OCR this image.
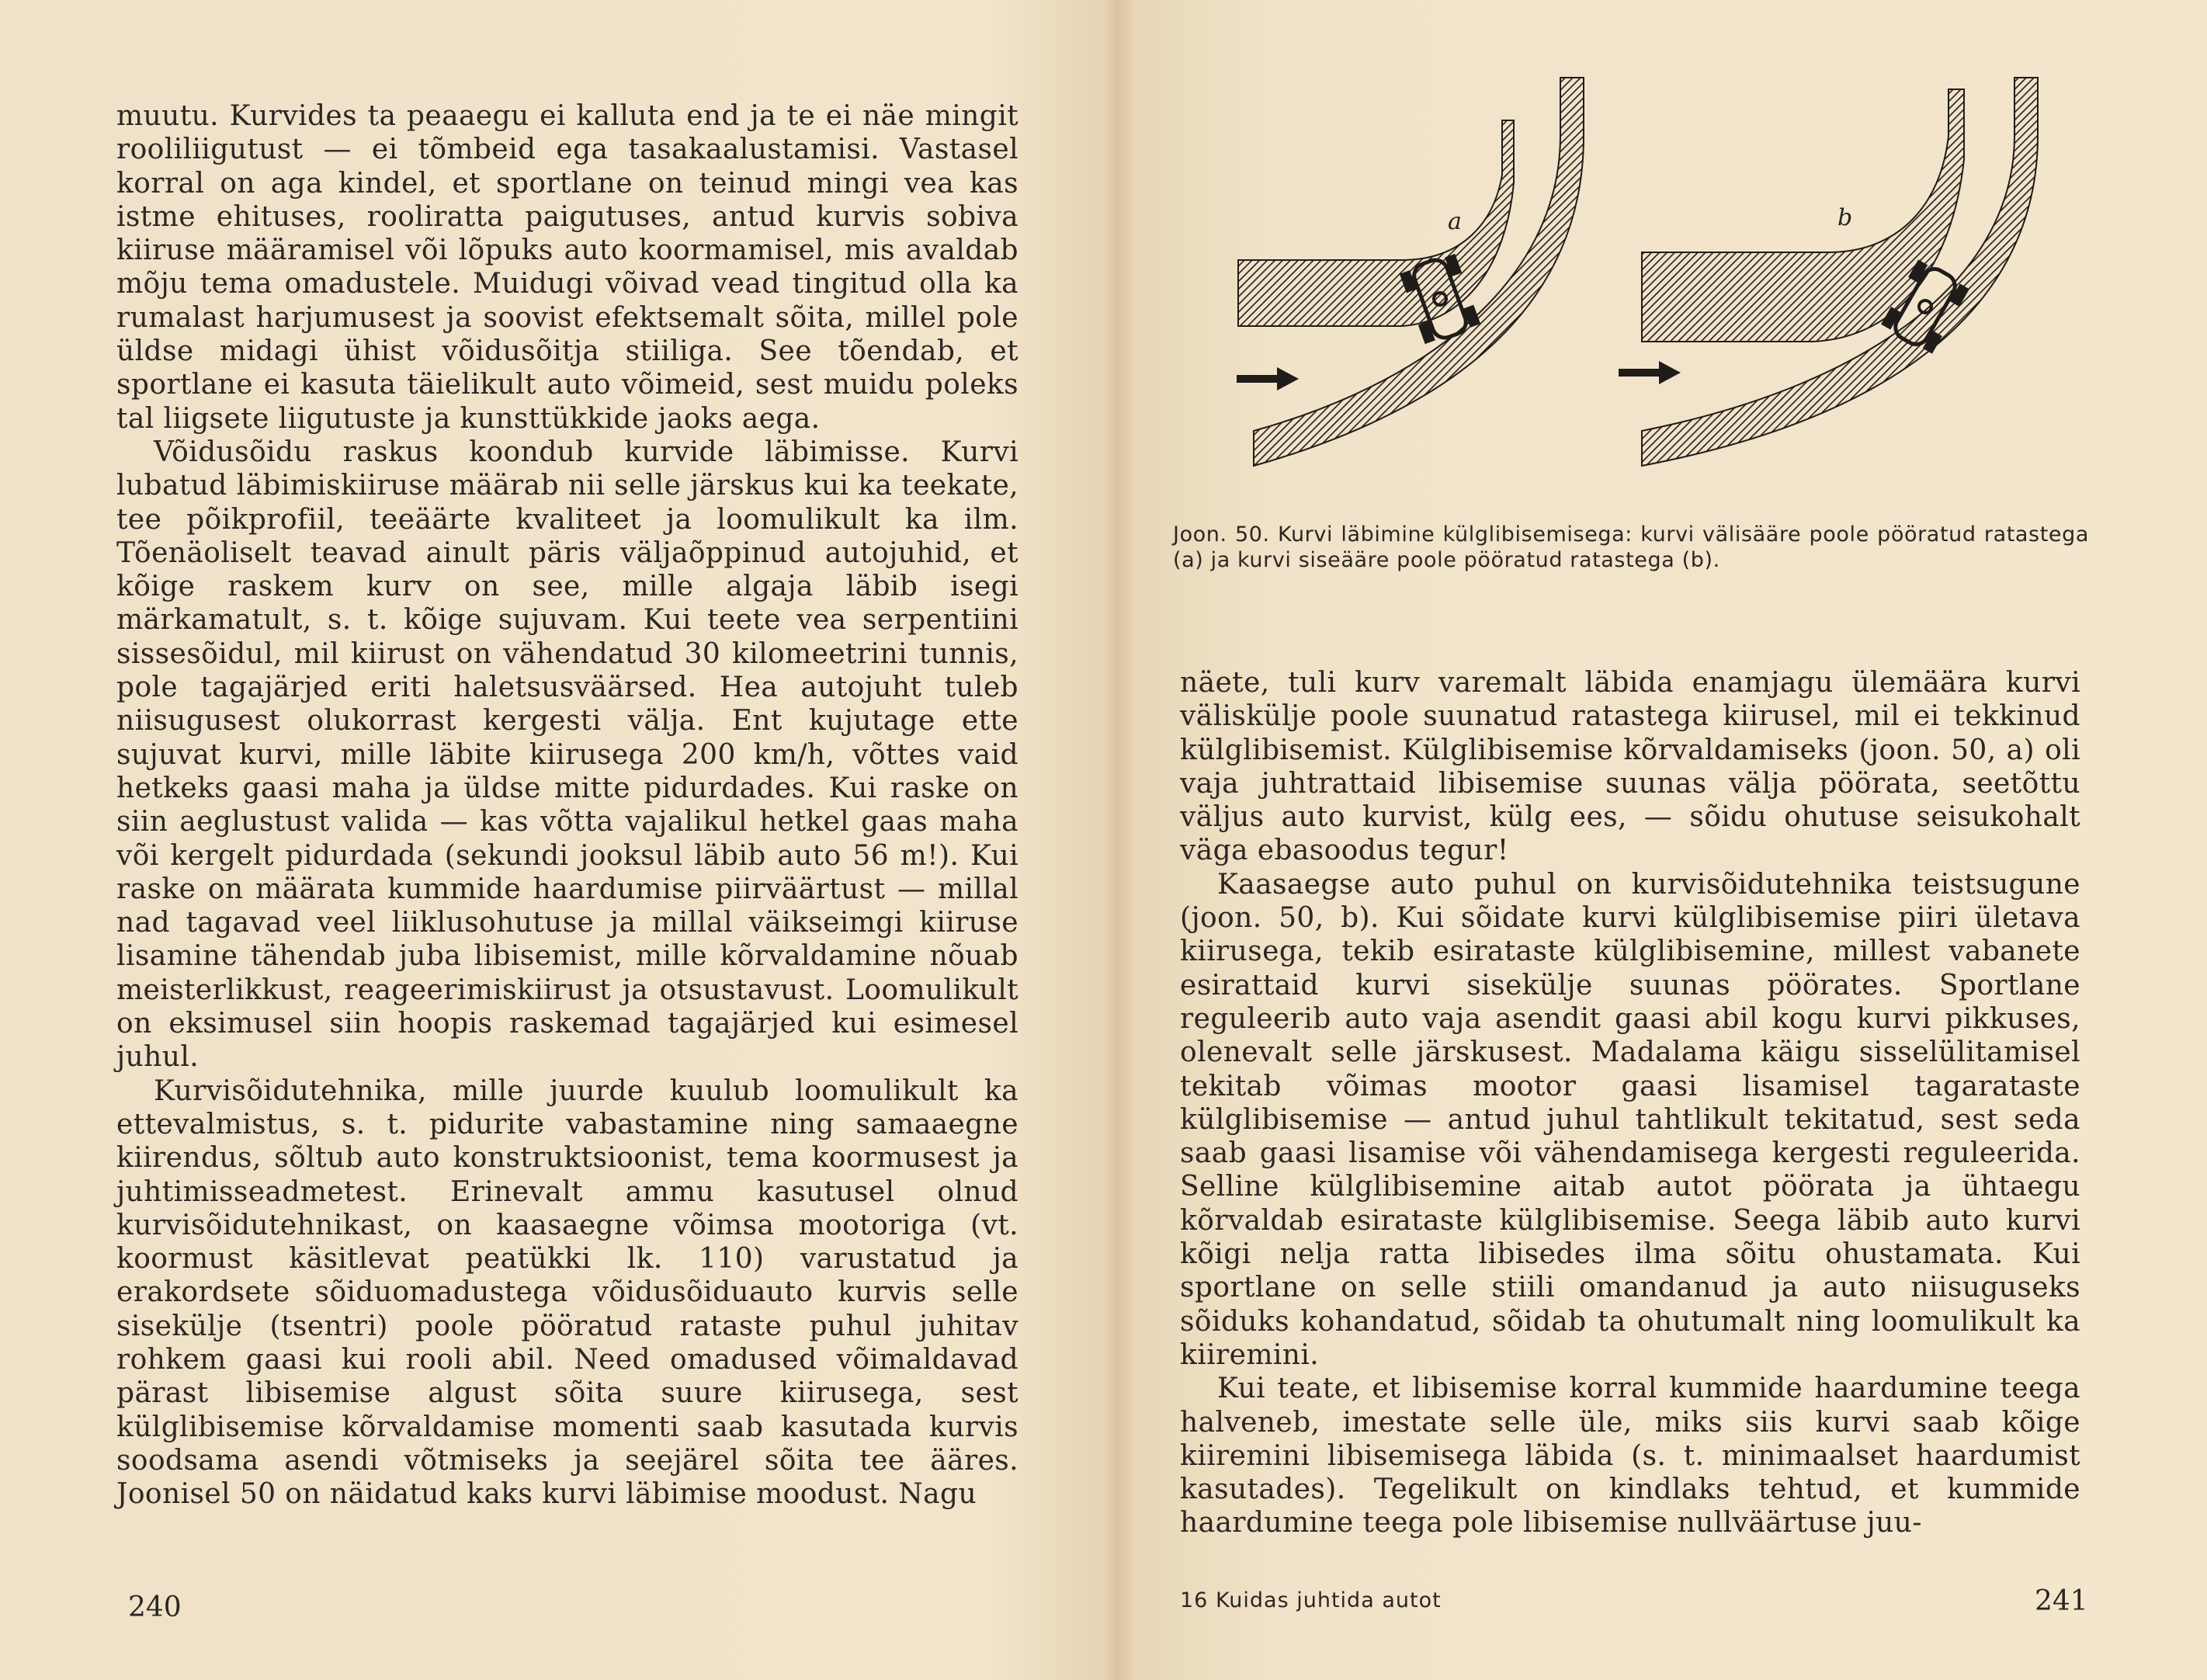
muutu. Kurvides ta peaaegu ei kalluta end ja te ei näe mingit rooliliigutust — ei tõmbeid ega tasakaalustamisi. Vastasel korral on aga kindel, et sportlane on teinud mingi vea kas istme ehituses, rooliratta paigutuses, antud kurvis sobiva kiiruse määramisel või lõpuks auto koormamisel, mis avaldab mõju tema omadustele. Muidugi võivad vead tingitud olla ka rumalast harjumusest ja soovist efektsemalt sõita, millel pole üldse midagi ühist võidusõitja stiiliga. See tõendab, et sportlane ei kasuta täielikult auto võimeid, sest muidu poleks tal liigsete liigutuste ja kunsttükkide jaoks aega.

Võidusõidu raskus koondub kurvide läbimisse. Kurvi lubatud läbimiskiiruse määrab nii selle järskus kui ka teekate, tee põikprofiil, teeäärte kvaliteet ja loomulikult ka ilm. Tõenäoliselt teavad ainult päris väljaõppinud autojuhid, et kõige raskem kurv on see, mille algaja läbib isegi märkamatult, s. t. kõige sujuvam. Kui teete vea serpentiini sissesõidul, mil kiirust on vähendatud 30 kilomeetrini tunnis, pole tagajärjed eriti haletsusväärsed. Hea autojuht tuleb niisugusest olukorrast kergesti välja. Ent kujutage ette sujuvat kurvi, mille läbite kiirusega 200 km/h, võttes vaid hetkeks gaasi maha ja üldse mitte pidurdades. Kui raske on siin aeglustust valida — kas võtta vajalikul hetkel gaas maha või kergelt pidurdada (sekundi jooksul läbib auto 56 m!). Kui raske on määrata kummide haardumise piirväärtust — millal nad tagavad veel liiklusohutuse ja millal väikseimgi kiiruse lisamine tähendab juba libisemist, mille kõrvaldamine nõuab meisterlikkust, reageerimiskiirust ja otsustavust. Loomulikult on eksimusel siin hoopis raskemad tagajärjed kui esimesel juhul.

Kurvisõidutehnika, mille juurde kuulub loomulikult ka ettevalmistus, s. t. pidurite vabastamine ning samaaegne kiirendus, sõltub auto konstruktsioonist, tema koormusest ja juhtimisseadmetest. Erinevalt ammu kasutusel olnud kurvisõidutehnikast, on kaasaegne võimsa mootoriga (vt. koormust käsitlevat peatükki lk. 110) varustatud ja erakordsete sõiduomadustega võidusõiduauto kurvis selle sisekülje (tsentri) poole pööratud rataste puhul juhitav rohkem gaasi kui rooli abil. Need omadused võimaldavad pärast libisemise algust sõita suure kiirusega, sest külglibisemise kõrvaldamise momenti saab kasutada kurvis soodsama asendi võtmiseks ja seejärel sõita tee ääres. Joonisel 50 on näidatud kaks kurvi läbimise moodust. Nagu

240
a	b
Joon. 50. Kurvi läbimine külglibisemisega: kurvi välisääre poole pööratud ratastega (a) ja kurvi siseääre poole pööratud ratastega (b).

näete, tuli kurv varemalt läbida enamjagu ülemäära kurvi väliskülje poole suunatud ratastega kiirusel, mil ei tekkinud külglibisemist. Külglibisemise kõrvaldamiseks (joon. 50, a) oli vaja juhtrattaid libisemise suunas välja pöörata, seetõttu väljus auto kurvist, külg ees, — sõidu ohutuse seisukohalt väga ebasoodus tegur!

Kaasaegse auto puhul on kurvisõidutehnika teistsugune (joon. 50, b). Kui sõidate kurvi külglibisemise piiri ületava kiirusega, tekib esirataste külglibisemine, millest vabanete esirattaid kurvi sisekülje suunas pöörates. Sportlane reguleerib auto vaja asendit gaasi abil kogu kurvi pikkuses, olenevalt selle järskusest. Madalama käigu sisselülitamisel tekitab võimas mootor gaasi lisamisel tagarataste külglibisemise — antud juhul tahtlikult tekitatud, sest seda saab gaasi lisamise või vähendamisega kergesti reguleerida. Selline külglibisemine aitab autot pöörata ja ühtaegu kõrvaldab esirataste külglibisemise. Seega läbib auto kurvi kõigi nelja ratta libisedes ilma sõitu ohustamata. Kui sportlane on selle stiili omandanud ja auto niisuguseks sõiduks kohandatud, sõidab ta ohutumalt ning loomulikult ka kiiremini.

Kui teate, et libisemise korral kummide haardumine teega halveneb, imestate selle üle, miks siis kurvi saab kõige kiiremini libisemisega läbida (s. t. minimaalset haardumist kasutades). Tegelikult on kindlaks tehtud, et kummide haardumine teega pole libisemise nullväärtuse juu-

16 Kuidas juhtida autot	241
